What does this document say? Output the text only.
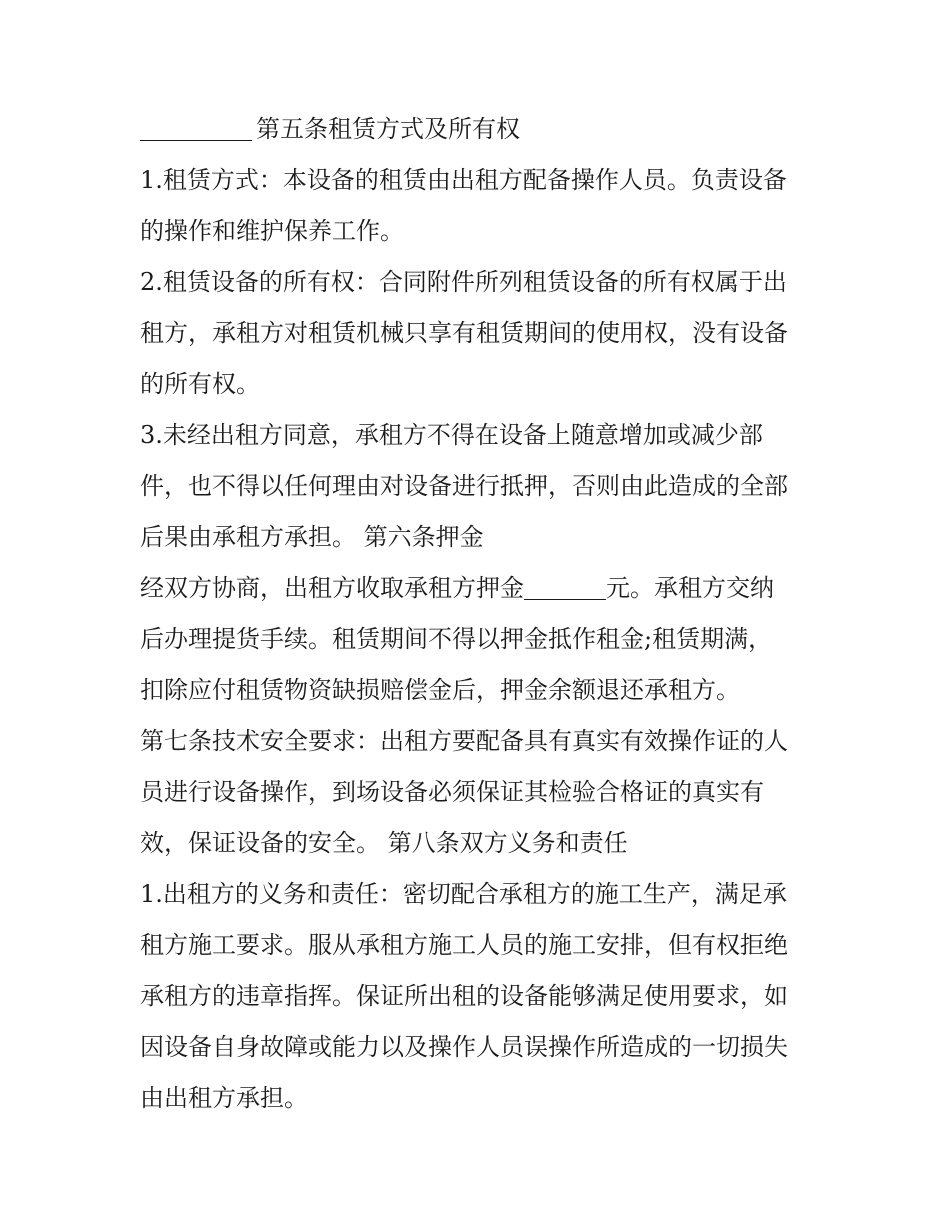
第五条租赁方式及所有权
1.租赁方式：本设备的租赁由出租方配备操作人员。负责设备
的操作和维护保养工作。
2.租赁设备的所有权：合同附件所列租赁设备的所有权属于出
租方，承租方对租赁机械只享有租赁期间的使用权，没有设备
的所有权。
3.未经出租方同意，承租方不得在设备上随意增加或减少部
件，也不得以任何理由对设备进行抵押，否则由此造成的全部
后果由承租方承担。 第六条押金
经双方协商，出租方收取承租方押金	元。承租方交纳
后办理提货手续。租赁期间不得以押金抵作租金;租赁期满，
扣除应付租赁物资缺损赔偿金后，押金余额退还承租方。
第七条技术安全要求：出租方要配备具有真实有效操作证的人
员进行设备操作，到场设备必须保证其检验合格证的真实有
效，保证设备的安全。 第八条双方义务和责任
1.出租方的义务和责任：密切配合承租方的施工生产，满足承
租方施工要求。服从承租方施工人员的施工安排，但有权拒绝
承租方的违章指挥。保证所出租的设备能够满足使用要求，如
因设备自身故障或能力以及操作人员误操作所造成的一切损失
由出租方承担。
